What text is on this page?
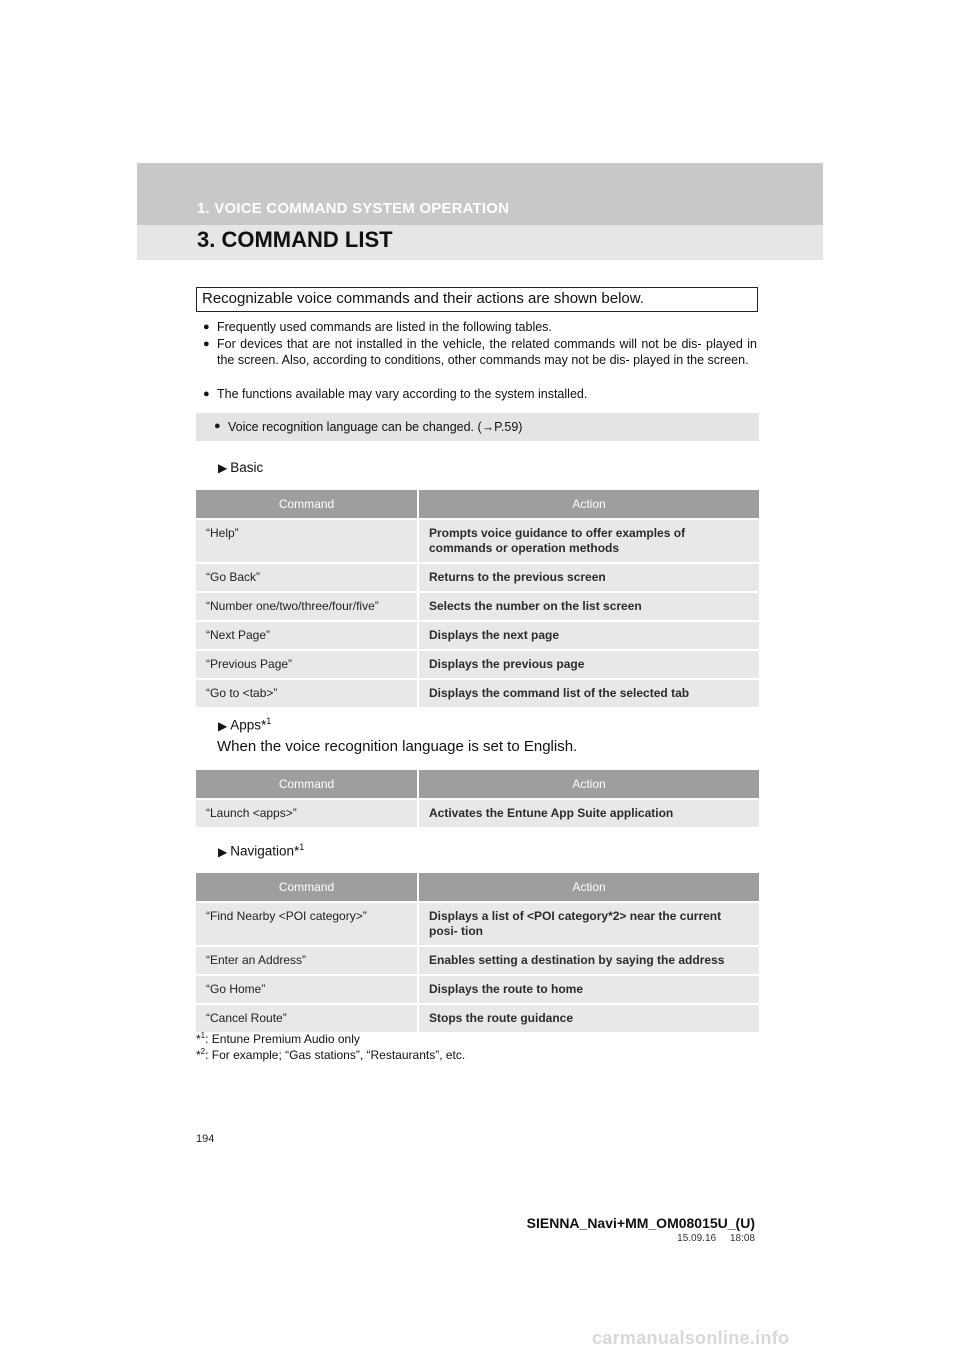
1. VOICE COMMAND SYSTEM OPERATION
3. COMMAND LIST
Recognizable voice commands and their actions are shown below.
● Frequently used commands are listed in the following tables.
● For devices that are not installed in the vehicle, the related commands will not be dis- played in the screen. Also, according to conditions, other commands may not be dis- played in the screen.
● The functions available may vary according to the system installed.
● Voice recognition language can be changed. (→P.59)
▶ Basic
Command	Action
“Help”	Prompts voice guidance to offer examples of commands or operation methods
“Go Back”	Returns to the previous screen
“Number one/two/three/four/five”	Selects the number on the list screen
“Next Page”	Displays the next page
“Previous Page”	Displays the previous page
“Go to <tab>”	Displays the command list of the selected tab
▶ Apps*$^1$
When the voice recognition language is set to English.
Command	Action
“Launch <apps>”	Activates the Entune App Suite application
▶ Navigation*$^1$
Command	Action
“Find Nearby <POI category>”	Displays a list of <POI category*2> near the current posi- tion
“Enter an Address”	Enables setting a destination by saying the address
“Go Home”	Displays the route to home
“Cancel Route”	Stops the route guidance
*$^1$: Entune Premium Audio only
*$^2$: For example; “Gas stations”, “Restaurants”, etc.
194
SIENNA_Navi+MM_OM08015U_(U)
15.09.16     18:08
carmanualsonline.info
